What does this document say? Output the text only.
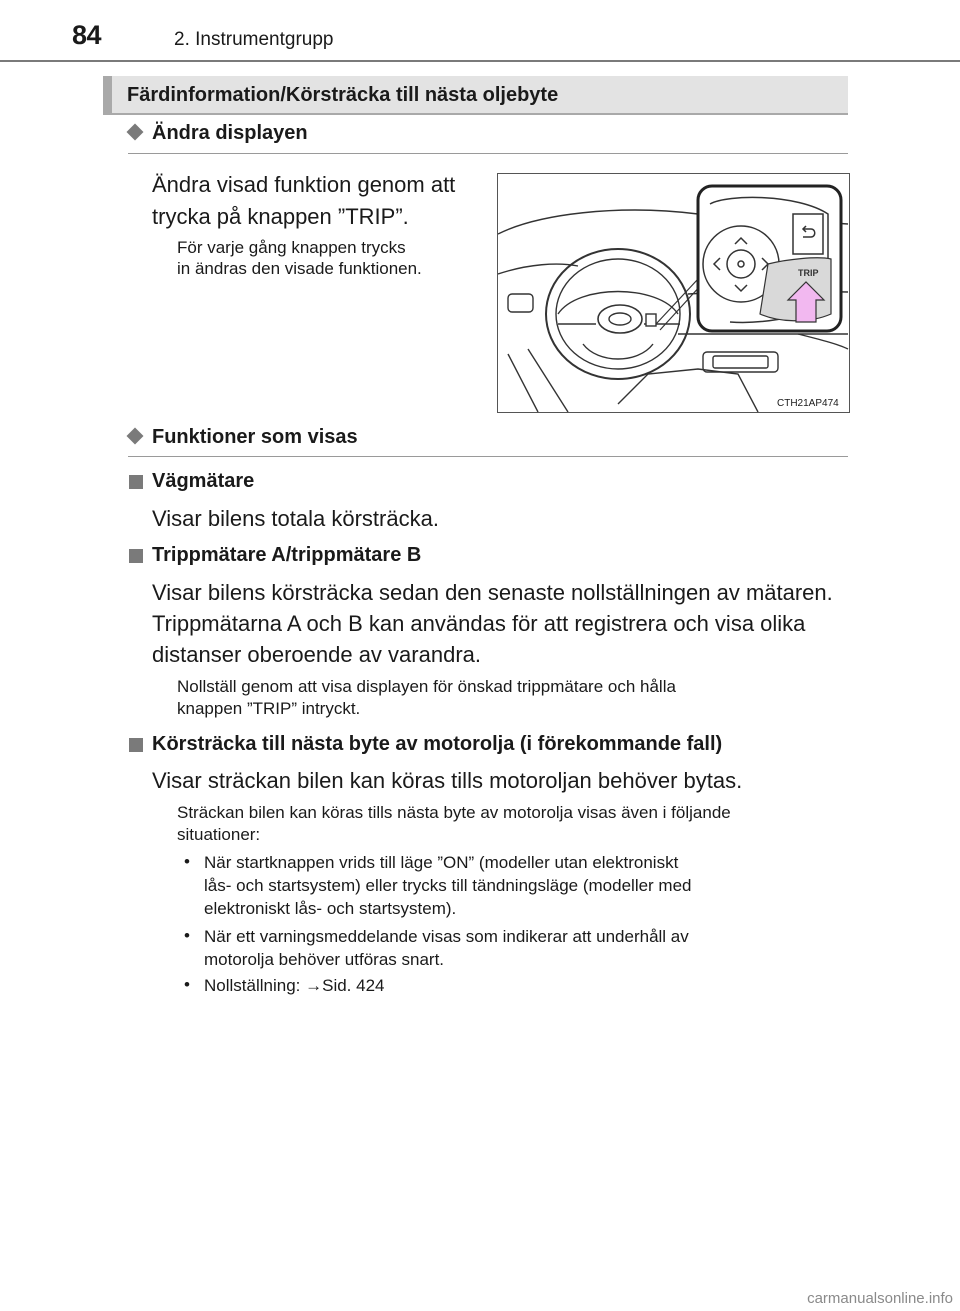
84	2. Instrumentgrupp
Färdinformation/Körsträcka till nästa oljebyte
Ändra displayen
Ändra visad funktion genom att
trycka på knappen ”TRIP”.
För varje gång knappen trycks
in ändras den visade funktionen.	TRIP
CTH21AP474
Funktioner som visas
Vägmätare
Visar bilens totala körsträcka.
Trippmätare A/trippmätare B
Visar bilens körsträcka sedan den senaste nollställningen av mätaren.
Trippmätarna A och B kan användas för att registrera och visa olika
distanser oberoende av varandra.
Nollställ genom att visa displayen för önskad trippmätare och hålla
knappen ”TRIP” intryckt.
Körsträcka till nästa byte av motorolja (i förekommande fall)
Visar sträckan bilen kan köras tills motoroljan behöver bytas.
Sträckan bilen kan köras tills nästa byte av motorolja visas även i följande
situationer:
• När startknappen vrids till läge ”ON” (modeller utan elektroniskt
lås- och startsystem) eller trycks till tändningsläge (modeller med
elektroniskt lås- och startsystem).
• När ett varningsmeddelande visas som indikerar att underhåll av
motorolja behöver utföras snart.
• Nollställning: →Sid. 424
carmanualsonline.info
